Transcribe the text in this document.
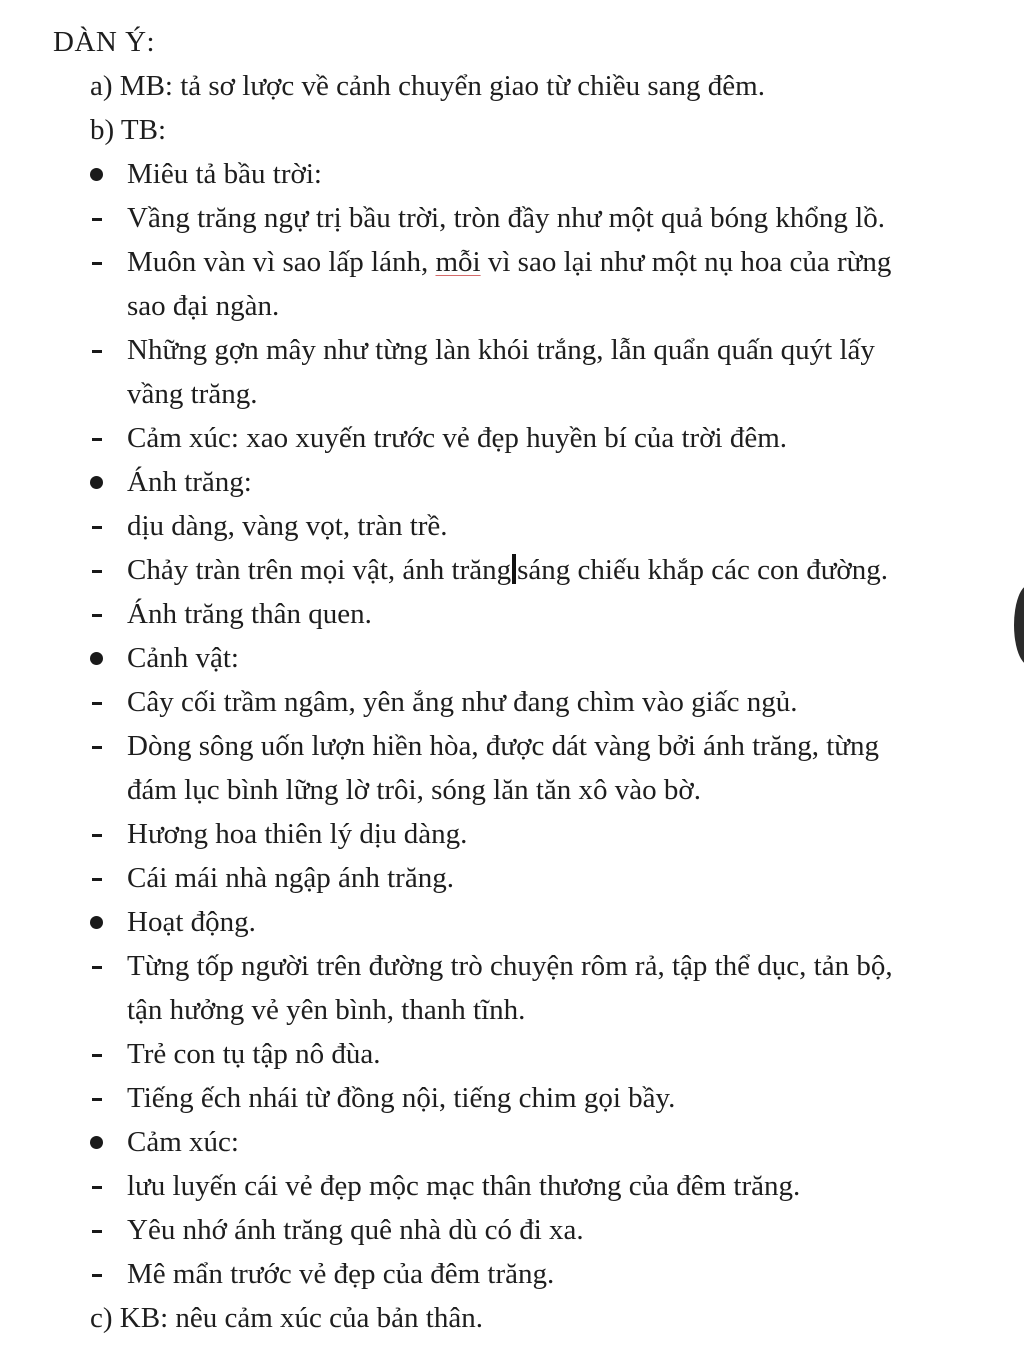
DÀN Ý:
a) MB: tả sơ lược về cảnh chuyển giao từ chiều sang đêm.
b) TB:
Miêu tả bầu trời:
Vầng trăng ngự trị bầu trời, tròn đầy như một quả bóng khổng lồ.
Muôn vàn vì sao lấp lánh, mỗi vì sao lại như một nụ hoa của rừng
sao đại ngàn.
Những gợn mây như từng làn khói trắng, lẫn quẩn quấn quýt lấy
vầng trăng.
Cảm xúc: xao xuyến trước vẻ đẹp huyền bí của trời đêm.
Ánh trăng:
dịu dàng, vàng vọt, tràn trề.
Chảy tràn trên mọi vật, ánh trăng sáng chiếu khắp các con đường.
Ánh trăng thân quen.
Cảnh vật:
Cây cối trầm ngâm, yên ắng như đang chìm vào giấc ngủ.
Dòng sông uốn lượn hiền hòa, được dát vàng bởi ánh trăng, từng
đám lục bình lững lờ trôi, sóng lăn tăn xô vào bờ.
Hương hoa thiên lý dịu dàng.
Cái mái nhà ngập ánh trăng.
Hoạt động.
Từng tốp người trên đường trò chuyện rôm rả, tập thể dục, tản bộ,
tận hưởng vẻ yên bình, thanh tĩnh.
Trẻ con tụ tập nô đùa.
Tiếng ếch nhái từ đồng nội, tiếng chim gọi bầy.
Cảm xúc:
lưu luyến cái vẻ đẹp mộc mạc thân thương của đêm trăng.
Yêu nhớ ánh trăng quê nhà dù có đi xa.
Mê mẩn trước vẻ đẹp của đêm trăng.
c) KB: nêu cảm xúc của bản thân.
